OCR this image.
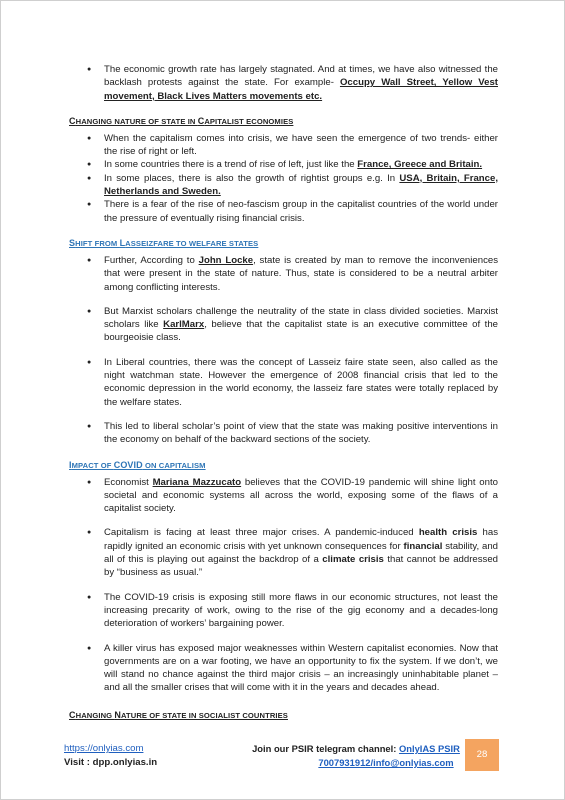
● The economic growth rate has largely stagnated. And at times, we have also witnessed the backlash protests against the state. For example- Occupy Wall Street, Yellow Vest movement, Black Lives Matters movements etc.
CHANGING NATURE OF STATE IN CAPITALIST ECONOMIES
● When the capitalism comes into crisis, we have seen the emergence of two trends- either the rise of right or left.
● In some countries there is a trend of rise of left, just like the France, Greece and Britain.
● In some places, there is also the growth of rightist groups e.g. In USA, Britain, France, Netherlands and Sweden.
● There is a fear of the rise of neo-fascism group in the capitalist countries of the world under the pressure of eventually rising financial crisis.
SHIFT FROM LASSEIZFARE TO WELFARE STATES
● Further, According to John Locke, state is created by man to remove the inconveniences that were present in the state of nature. Thus, state is considered to be a neutral arbiter among conflicting interests.
● But Marxist scholars challenge the neutrality of the state in class divided societies. Marxist scholars like KarlMarx, believe that the capitalist state is an executive committee of the bourgeoisie class.
● In Liberal countries, there was the concept of Lasseiz faire state seen, also called as the night watchman state. However the emergence of 2008 financial crisis that led to the economic depression in the world economy, the lasseiz fare states were totally replaced by the welfare states.
● This led to liberal scholar’s point of view that the state was making positive interventions in the economy on behalf of the backward sections of the society.
IMPACT OF COVID ON CAPITALISM
● Economist Mariana Mazzucato believes that the COVID-19 pandemic will shine light onto societal and economic systems all across the world, exposing some of the flaws of a capitalist society.
● Capitalism is facing at least three major crises. A pandemic-induced health crisis has rapidly ignited an economic crisis with yet unknown consequences for financial stability, and all of this is playing out against the backdrop of a climate crisis that cannot be addressed by “business as usual.”
● The COVID-19 crisis is exposing still more flaws in our economic structures, not least the increasing precarity of work, owing to the rise of the gig economy and a decades-long deterioration of workers’ bargaining power.
● A killer virus has exposed major weaknesses within Western capitalist economies. Now that governments are on a war footing, we have an opportunity to fix the system. If we don’t, we will stand no chance against the third major crisis – an increasingly uninhabitable planet – and all the smaller crises that will come with it in the years and decades ahead.
CHANGING NATURE OF STATE IN SOCIALIST COUNTRIES
https://onlyias.com
Visit : dpp.onlyias.in
Join our PSIR telegram channel: OnlyIAS PSIR
7007931912/info@onlyias.com
28
